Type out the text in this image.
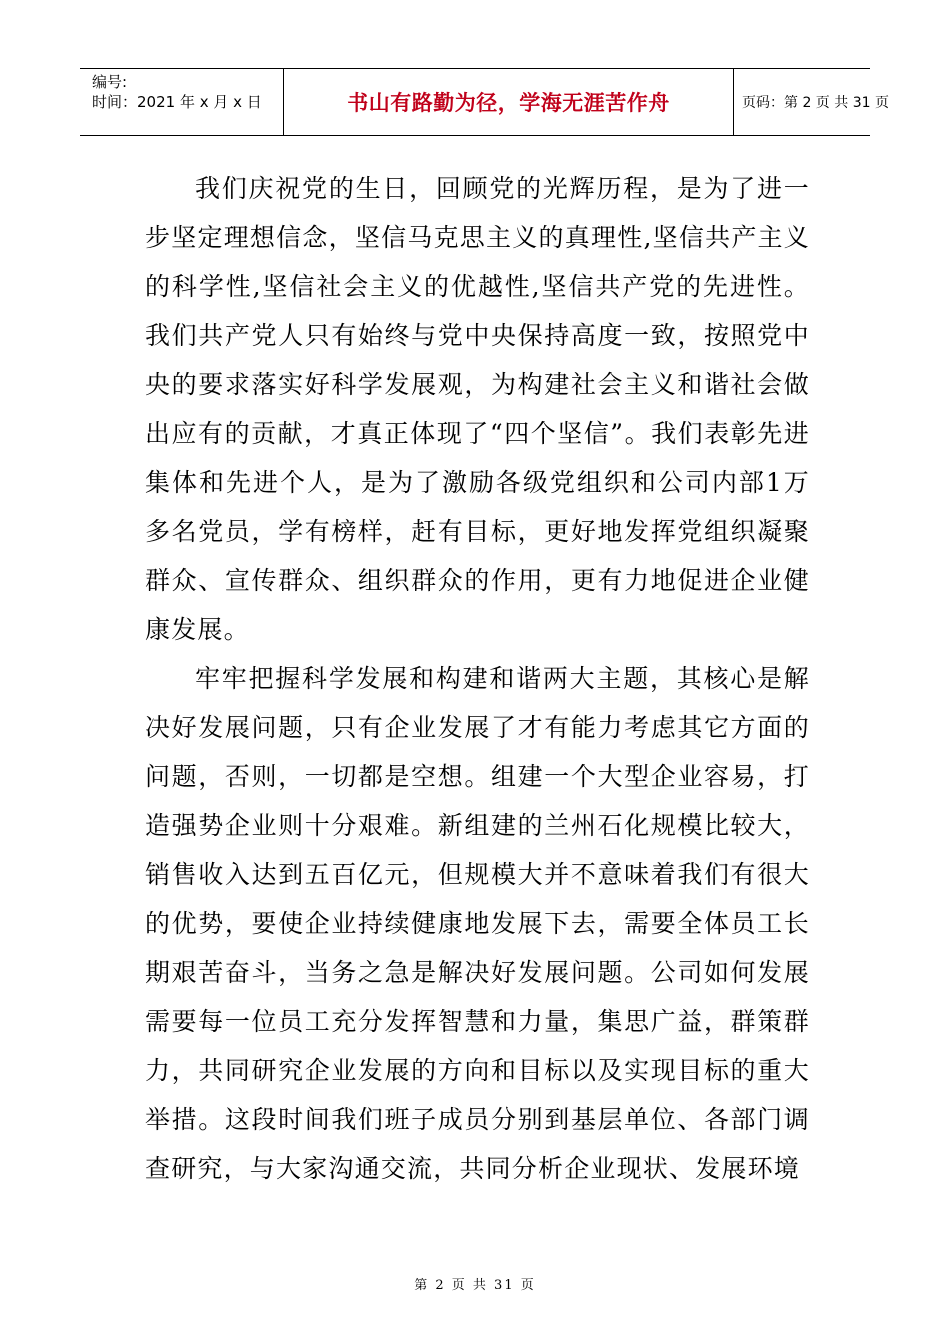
编号:
时间：2021 年 x 月 x 日	书山有路勤为径，学海无涯苦作舟	页码：第 2 页 共 31 页

我们庆祝党的生日，回顾党的光辉历程，是为了进一步坚定理想信念，坚信马克思主义的真理性,坚信共产主义的科学性,坚信社会主义的优越性,坚信共产党的先进性。我们共产党人只有始终与党中央保持高度一致，按照党中央的要求落实好科学发展观，为构建社会主义和谐社会做出应有的贡献，才真正体现了“四个坚信”。我们表彰先进集体和先进个人，是为了激励各级党组织和公司内部1万多名党员，学有榜样，赶有目标，更好地发挥党组织凝聚群众、宣传群众、组织群众的作用，更有力地促进企业健康发展。

牢牢把握科学发展和构建和谐两大主题，其核心是解决好发展问题，只有企业发展了才有能力考虑其它方面的问题，否则，一切都是空想。组建一个大型企业容易，打造强势企业则十分艰难。新组建的兰州石化规模比较大，销售收入达到五百亿元，但规模大并不意味着我们有很大的优势，要使企业持续健康地发展下去，需要全体员工长期艰苦奋斗，当务之急是解决好发展问题。公司如何发展需要每一位员工充分发挥智慧和力量，集思广益，群策群力，共同研究企业发展的方向和目标以及实现目标的重大举措。这段时间我们班子成员分别到基层单位、各部门调查研究，与大家沟通交流，共同分析企业现状、发展环境

第 2 页 共 31 页
